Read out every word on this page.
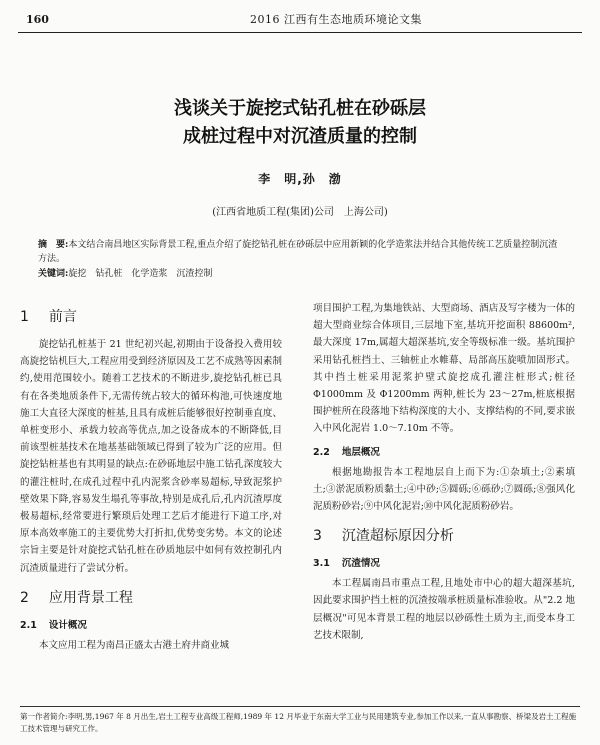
160	2016 江西有生态地质环境论文集
浅谈关于旋挖式钻孔桩在砂砾层
成桩过程中对沉渣质量的控制
李　明,孙　渤
(江西省地质工程(集团)公司　上海公司)
摘　要:本文结合南昌地区实际背景工程,重点介绍了旋挖钻孔桩在砂砾层中应用新颖的化学造浆法并结合其他传统工艺质量控制沉渣方法。
关键词:旋挖　钻孔桩　化学造浆　沉渣控制
1 前言

旋挖钻孔桩基于 21 世纪初兴起,初期由于设备投入费用较高旋挖钻机巨大,工程应用受到经济原因及工艺不成熟等因素制约,使用范围较小。随着工艺技术的不断进步,旋挖钻孔桩已具有在各类地质条件下,无需传统占较大的循环构池,可快速度地施工大直径大深度的桩基,且具有成桩后能够很好控制垂直度、单桩变形小、承载力较高等优点,加之设备成本的不断降低,目前该型桩基技术在地基基础领域已得到了较为广泛的应用。但旋挖钻桩基也有其明显的缺点:在砂砾地层中施工钻孔深度较大的灌注桩时,在成孔过程中孔内泥浆含砂率易超标,导致泥浆护壁效果下降,容易发生塌孔等事故,特别是成孔后,孔内沉渣厚度极易超标,经常要进行繁琐后处理工艺后才能进行下道工序,对原本高效率施工的主要优势大打折扣,优势变劣势。本文的论述宗旨主要是针对旋挖式钻孔桩在砂质地层中如何有效控制孔内沉渣质量进行了尝试分析。

2 应用背景工程
2.1 设计概况

本文应用工程为南昌正盛太古港土府井商业城

项目围护工程,为集地铁站、大型商场、酒店及写字楼为一体的超大型商业综合体项目,三层地下室,基坑开挖面积 88600m²,最大深度 17m,属超大超深基坑,安全等级标准一级。基坑围护采用钻孔桩挡土、三轴桩止水帷幕、局部高压旋喷加固形式。其中挡土桩采用泥浆护壁式旋挖成孔灌注桩形式;桩径Φ1000mm 及 Φ1200mm 两种,桩长为 23～27m,桩底根据围护桩所在段落地下结构深度的大小、支撑结构的不同,要求嵌入中风化泥岩 1.0～7.10m 不等。

2.2 地层概况

根据地勘报告本工程地层自上而下为:①杂填土;②素填土;③淤泥质粉质黏土;④中砂;⑤圆砾;⑥砾砂;⑦圆砾;⑧强风化泥质粉砂岩;⑨中风化泥岩;⑩中风化泥质粉砂岩。

3 沉渣超标原因分析
3.1 沉渣情况

本工程属南昌市重点工程,且地处市中心的超大超深基坑,因此要求围护挡土桩的沉渣按端承桩质量标准验收。从"2.2 地层概况"可见本背景工程的地层以砂砾性土质为主,而受本身工艺技术限制,

第一作者简介:李明,男,1967 年 8 月出生,岩土工程专业高级工程师,1989 年 12 月毕业于东南大学工业与民用建筑专业,参加工作以来,一直从事勘察、桥梁及岩土工程施工技术管理与研究工作。
